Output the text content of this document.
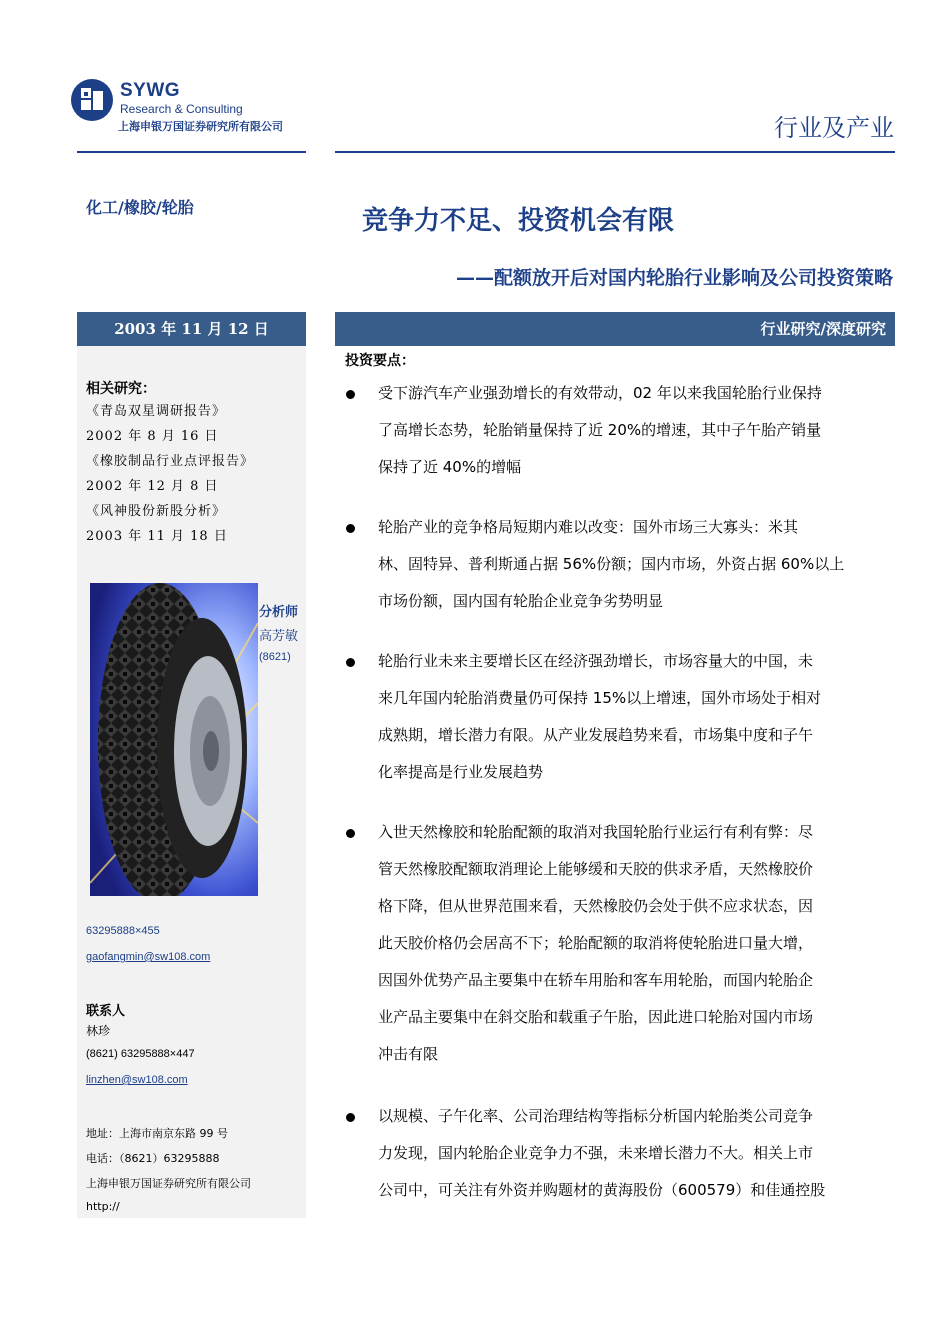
SYWG
Research & Consulting
上海申银万国证券研究所有限公司	行业及产业
化工/橡胶/轮胎
2003 年 11 月 12 日
相关研究：
《青岛双星调研报告》
2002 年 8 月 16 日
《橡胶制品行业点评报告》
2002 年 12 月 8 日
《风神股份新股分析》
2003 年 11 月 18 日
分析师
高芳敏
(8621)
63295888×455
gaofangmin@sw108.com
联系人
林珍
(8621) 63295888×447
linzhen@sw108.com
地址：上海市南京东路 99 号
电话：（8621）63295888
上海申银万国证券研究所有限公司
http://
竞争力不足、投资机会有限
——配额放开后对国内轮胎行业影响及公司投资策略
行业研究/深度研究
投资要点：
受下游汽车产业强劲增长的有效带动，02 年以来我国轮胎行业保持
了高增长态势，轮胎销量保持了近 20%的增速，其中子午胎产销量
保持了近 40%的增幅
轮胎产业的竞争格局短期内难以改变：国外市场三大寡头：米其
林、固特异、普利斯通占据 56%份额；国内市场，外资占据 60%以上
市场份额，国内国有轮胎企业竞争劣势明显
轮胎行业未来主要增长区在经济强劲增长，市场容量大的中国，未
来几年国内轮胎消费量仍可保持 15%以上增速，国外市场处于相对
成熟期，增长潜力有限。从产业发展趋势来看，市场集中度和子午
化率提高是行业发展趋势
入世天然橡胶和轮胎配额的取消对我国轮胎行业运行有利有弊：尽
管天然橡胶配额取消理论上能够缓和天胶的供求矛盾，天然橡胶价
格下降，但从世界范围来看，天然橡胶仍会处于供不应求状态，因
此天胶价格仍会居高不下；轮胎配额的取消将使轮胎进口量大增，
因国外优势产品主要集中在轿车用胎和客车用轮胎，而国内轮胎企
业产品主要集中在斜交胎和载重子午胎，因此进口轮胎对国内市场
冲击有限
以规模、子午化率、公司治理结构等指标分析国内轮胎类公司竞争
力发现，国内轮胎企业竞争力不强，未来增长潜力不大。相关上市
公司中，可关注有外资并购题材的黄海股份（600579）和佳通控股
